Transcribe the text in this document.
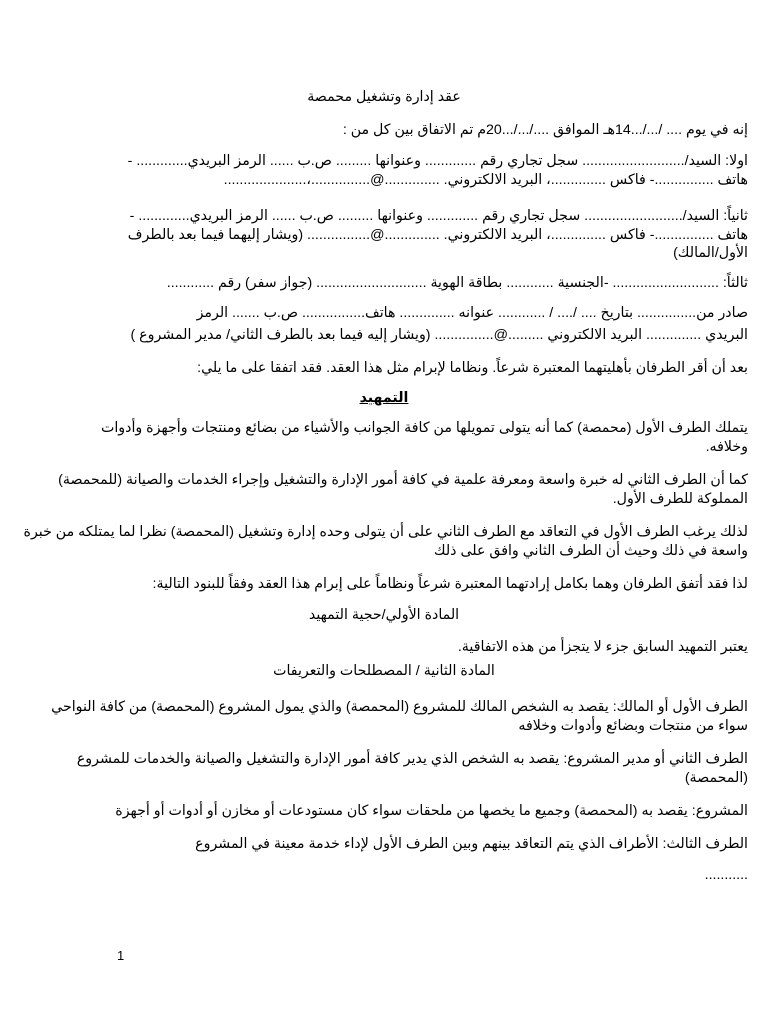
عقد إدارة وتشغيل محمصة
إنه في يوم .... /.../...14هـ الموافق ..../.../...20م تم الاتفاق بين كل من :
اولا: السيد/.......................... سجل تجاري رقم ............. وعنوانها ......... ص.ب ...... الرمز البريدي............. -
هاتف ...............- فاكس ..............، البريد الالكتروني. ..............@...............،.....................
ثانياً: السيد/......................... سجل تجاري رقم ............. وعنوانها ......... ص.ب ...... الرمز البريدي............. -
هاتف ...............- فاكس ..............، البريد الالكتروني. ..............@................ (ويشار إليهما فيما بعد بالطرف
الأول/المالك)
ثالثاً: ........................... -الجنسية ............ بطاقة الهوية ............................ (جواز سفر) رقم ............
صادر من............... بتاريخ .... /.... / ............ عنوانه .............. هاتف................ ص.ب ....... الرمز
البريدي .............. البريد الالكتروني .........@............... (ويشار إليه فيما بعد بالطرف الثاني/ مدير المشروع )
بعد أن أقر الطرفان بأهليتهما المعتبرة شرعاً. ونظاما لإبرام مثل هذا العقد. فقد اتفقا على ما يلي:
التمهيد
يتملك الطرف الأول (محمصة) كما أنه يتولى تمويلها من كافة الجوانب والأشياء من بضائع ومنتجات وأجهزة وأدوات
وخلافه.
كما أن الطرف الثاني له خبرة واسعة ومعرفة علمية في كافة أمور الإدارة والتشغيل وإجراء الخدمات والصيانة (للمحمصة)
المملوكة للطرف الأول.
لذلك يرغب الطرف الأول في التعاقد مع الطرف الثاني على أن يتولى وحده إدارة وتشغيل (المحمصة) نظرا لما يمتلكه من خبرة
واسعة في ذلك وحيث أن الطرف الثاني وافق على ذلك
لذا فقد أتفق الطرفان وهما بكامل إرادتهما المعتبرة شرعاً ونظاماً على إبرام هذا العقد وفقاً للبنود التالية:
المادة الأولي/حجية التمهيد
يعتبر التمهيد السابق جزء لا يتجزأ من هذه الاتفاقية.
المادة الثانية / المصطلحات والتعريفات
الطرف الأول أو المالك: يقصد به الشخص المالك للمشروع (المحمصة) والذي يمول المشروع (المحمصة) من كافة النواحي
سواء من منتجات وبضائع وأدوات وخلافه
الطرف الثاني أو مدير المشروع: يقصد به الشخص الذي يدير كافة أمور الإدارة والتشغيل والصيانة والخدمات للمشروع
(المحمصة)
المشروع: يقصد به (المحمصة) وجميع ما يخصها من ملحقات سواء كان مستودعات أو مخازن أو أدوات أو أجهزة
الطرف الثالث: الأطراف الذي يتم التعاقد بينهم وبين الطرف الأول لإداء خدمة معينة في المشروع
...........
1
